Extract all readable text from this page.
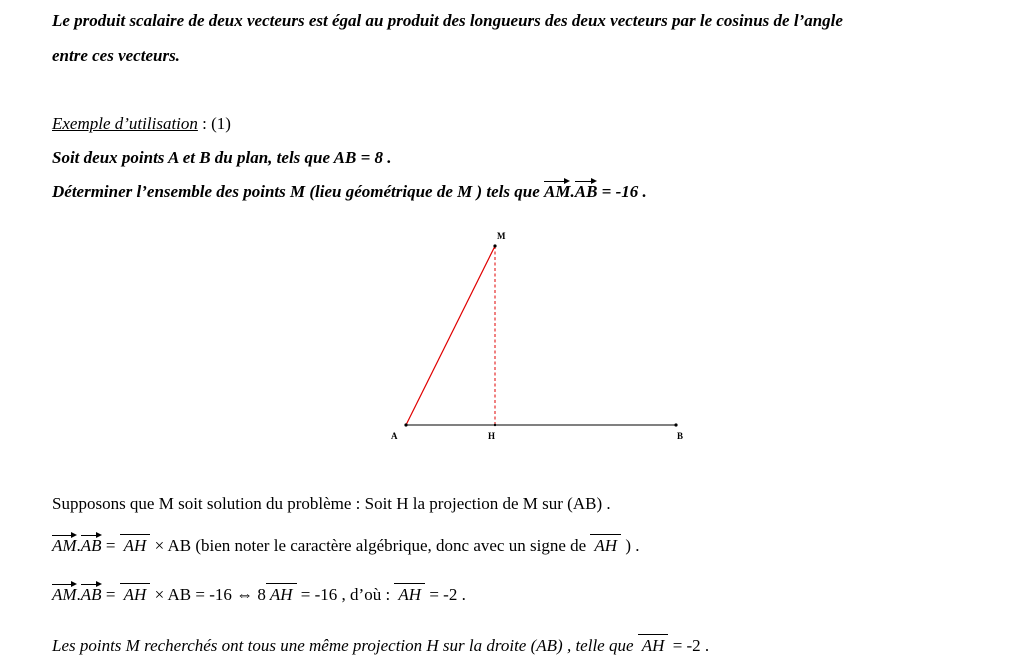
Le produit scalaire de deux vecteurs est égal au produit des longueurs des deux vecteurs par le cosinus de l’angle
entre ces vecteurs.
Exemple d’utilisation : (1)
Soit deux points A et B du plan, tels que AB = 8 .
Déterminer l’ensemble des points M (lieu géométrique de M ) tels que AM.AB = -16 .
M
A	H	B
Supposons que M soit solution du problème : Soit H la projection de M sur (AB) .
AM.AB = AH × AB (bien noter le caractère algébrique, donc avec un signe de AH ) .
AM.AB = AH × AB = -16 ⇔ 8 AH = -16 , d’où : AH = -2 .
Les points M recherchés ont tous une même projection H sur la droite (AB) , telle que AH = -2 .
